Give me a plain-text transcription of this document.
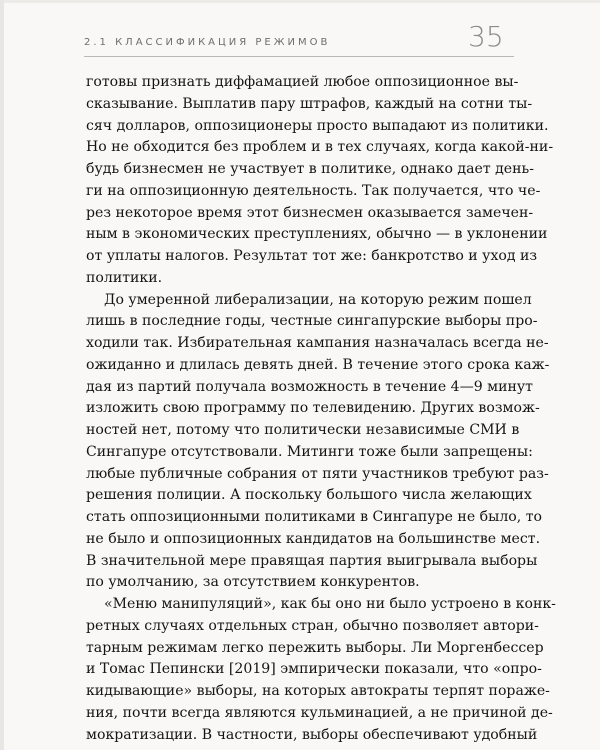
2.1 КЛАССИФИКАЦИЯ РЕЖИМОВ	35
готовы признать диффамацией любое оппозиционное вы-
сказывание. Выплатив пару штрафов, каждый на сотни ты-
сяч долларов, оппозиционеры просто выпадают из политики.
Но не обходится без проблем и в тех случаях, когда какой-ни-
будь бизнесмен не участвует в политике, однако дает день-
ги на оппозиционную деятельность. Так получается, что че-
рез некоторое время этот бизнесмен оказывается замечен-
ным в экономических преступлениях, обычно — в уклонении
от уплаты налогов. Результат тот же: банкротство и уход из
политики.
До умеренной либерализации, на которую режим пошел
лишь в последние годы, честные сингапурские выборы про-
ходили так. Избирательная кампания назначалась всегда не-
ожиданно и длилась девять дней. В течение этого срока каж-
дая из партий получала возможность в течение 4—9 минут
изложить свою программу по телевидению. Других возмож-
ностей нет, потому что политически независимые СМИ в
Сингапуре отсутствовали. Митинги тоже были запрещены:
любые публичные собрания от пяти участников требуют раз-
решения полиции. А поскольку большого числа желающих
стать оппозиционными политиками в Сингапуре не было, то
не было и оппозиционных кандидатов на большинстве мест.
В значительной мере правящая партия выигрывала выборы
по умолчанию, за отсутствием конкурентов.
«Меню манипуляций», как бы оно ни было устроено в конк-
ретных случаях отдельных стран, обычно позволяет автори-
тарным режимам легко пережить выборы. Ли Моргенбессер
и Томас Пепински [2019] эмпирически показали, что «опро-
кидывающие» выборы, на которых автократы терпят пораже-
ния, почти всегда являются кульминацией, а не причиной де-
мократизации. В частности, выборы обеспечивают удобный
